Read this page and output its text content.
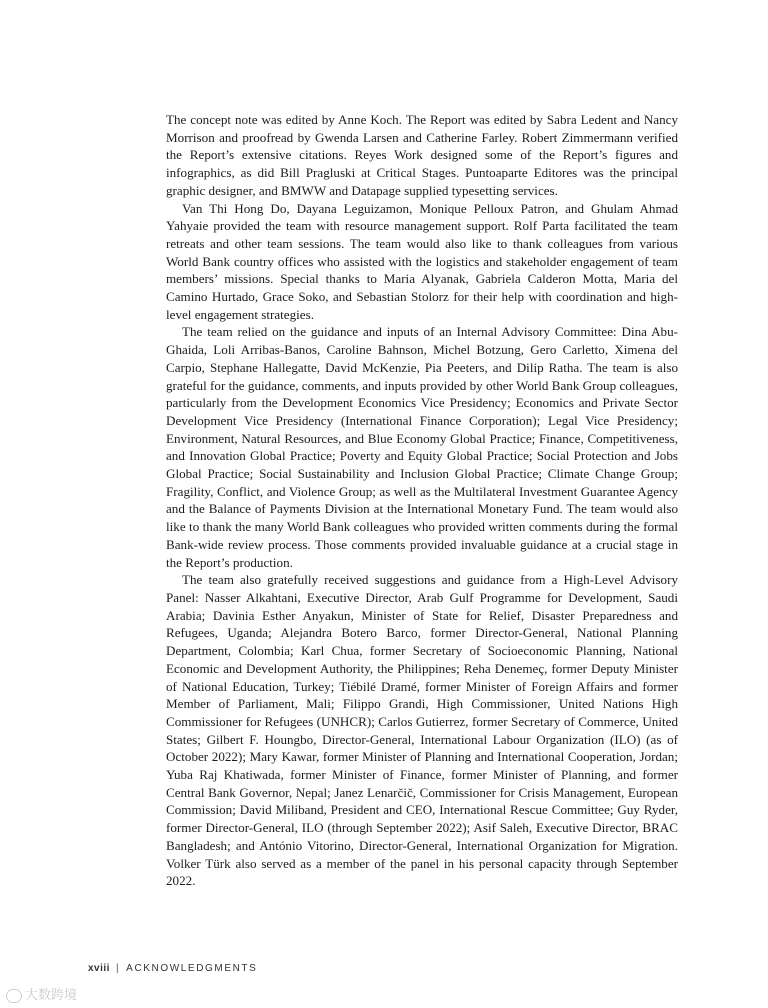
The concept note was edited by Anne Koch. The Report was edited by Sabra Ledent and Nancy Morrison and proofread by Gwenda Larsen and Catherine Farley. Robert Zimmermann verified the Report’s extensive citations. Reyes Work designed some of the Report’s figures and infographics, as did Bill Pragluski at Critical Stages. Puntoaparte Editores was the principal graphic designer, and BMWW and Datapage supplied typesetting services.

Van Thi Hong Do, Dayana Leguizamon, Monique Pelloux Patron, and Ghulam Ahmad Yahyaie provided the team with resource management support. Rolf Parta facilitated the team retreats and other team sessions. The team would also like to thank colleagues from various World Bank country offices who assisted with the logistics and stakeholder engagement of team members’ missions. Special thanks to Maria Alyanak, Gabriela Calderon Motta, Maria del Camino Hurtado, Grace Soko, and Sebastian Stolorz for their help with coordination and high-level engagement strategies.

The team relied on the guidance and inputs of an Internal Advisory Committee: Dina Abu-Ghaida, Loli Arribas-Banos, Caroline Bahnson, Michel Botzung, Gero Carletto, Ximena del Carpio, Stephane Hallegatte, David McKenzie, Pia Peeters, and Dilip Ratha. The team is also grateful for the guidance, comments, and inputs provided by other World Bank Group colleagues, particularly from the Development Economics Vice Presidency; Economics and Private Sector Development Vice Presidency (International Finance Corporation); Legal Vice Presidency; Environment, Natural Resources, and Blue Economy Global Practice; Finance, Competitiveness, and Innovation Global Practice; Poverty and Equity Global Practice; Social Protection and Jobs Global Practice; Social Sustainability and Inclusion Global Practice; Climate Change Group; Fragility, Conflict, and Violence Group; as well as the Multilateral Investment Guarantee Agency and the Balance of Payments Division at the International Monetary Fund. The team would also like to thank the many World Bank colleagues who provided written comments during the formal Bank-wide review process. Those comments provided invaluable guidance at a crucial stage in the Report’s production.

The team also gratefully received suggestions and guidance from a High-Level Advisory Panel: Nasser Alkahtani, Executive Director, Arab Gulf Programme for Development, Saudi Arabia; Davinia Esther Anyakun, Minister of State for Relief, Disaster Preparedness and Refugees, Uganda; Alejandra Botero Barco, former Director-General, National Planning Department, Colombia; Karl Chua, former Secretary of Socioeconomic Planning, National Economic and Development Authority, the Philippines; Reha Denemeç, former Deputy Minister of National Education, Turkey; Tiébilé Dramé, former Minister of Foreign Affairs and former Member of Parliament, Mali; Filippo Grandi, High Commissioner, United Nations High Commissioner for Refugees (UNHCR); Carlos Gutierrez, former Secretary of Commerce, United States; Gilbert F. Houngbo, Director-General, International Labour Organization (ILO) (as of October 2022); Mary Kawar, former Minister of Planning and International Cooperation, Jordan; Yuba Raj Khatiwada, former Minister of Finance, former Minister of Planning, and former Central Bank Governor, Nepal; Janez Lenarčič, Commissioner for Crisis Management, European Commission; David Miliband, President and CEO, International Rescue Committee; Guy Ryder, former Director-General, ILO (through September 2022); Asif Saleh, Executive Director, BRAC Bangladesh; and António Vitorino, Director-General, International Organization for Migration. Volker Türk also served as a member of the panel in his personal capacity through September 2022.

xviii | ACKNOWLEDGMENTS
大数跨境
